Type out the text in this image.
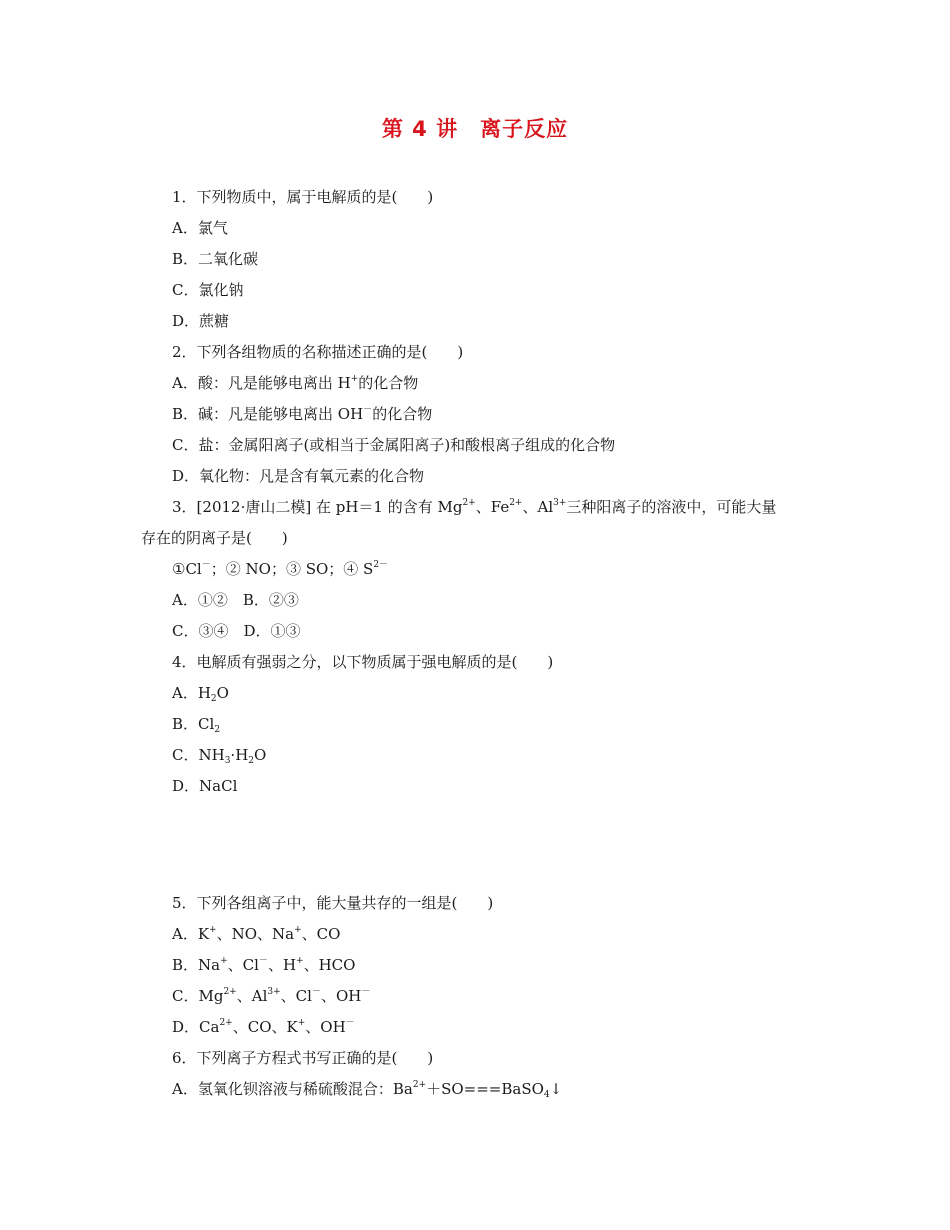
第 4 讲　离子反应
1．下列物质中，属于电解质的是(　　)
A．氯气
B．二氧化碳
C．氯化钠
D．蔗糖
2．下列各组物质的名称描述正确的是(　　)
A．酸：凡是能够电离出 H+的化合物
B．碱：凡是能够电离出 OH－的化合物
C．盐：金属阳离子(或相当于金属阳离子)和酸根离子组成的化合物
D．氧化物：凡是含有氧元素的化合物
3．[2012·唐山二模] 在 pH＝1 的含有 $Mg^{2+}$、$Fe^{2+}$、$Al^{3+}$三种阳离子的溶液中，可能大量
存在的阴离子是(　　)
①Cl－；② NO；③ SO；④ $S^{2-}$
A．①②　B．②③
C．③④　D．①③
4．电解质有强弱之分，以下物质属于强电解质的是(　　)
A．$H_2O$
B．$Cl_2$
C．$NH_3\cdot H_2O$
D．NaCl
5．下列各组离子中，能大量共存的一组是(　　)
A．K+、NO、Na+、CO
B．Na+、Cl－、H+、HCO
C．$Mg^{2+}$、$Al^{3+}$、Cl－、OH－
D．$Ca^{2+}$、CO、K+、OH－
6．下列离子方程式书写正确的是(　　)
A．氢氧化钡溶液与稀硫酸混合：$Ba^{2+}+SO===BaSO_4↓$
